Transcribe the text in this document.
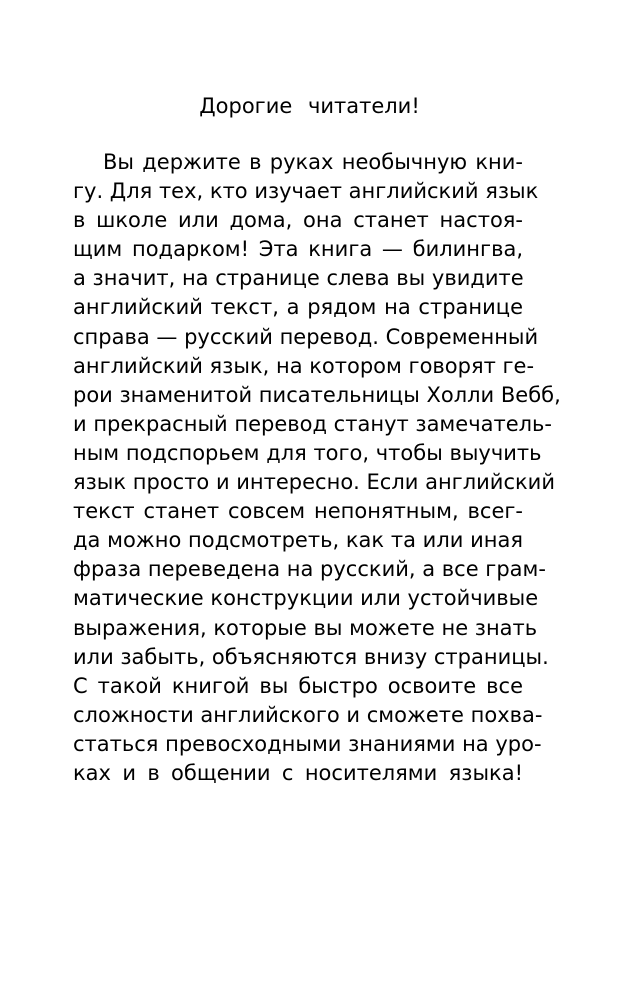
Дорогие читатели!
Вы держите в руках необычную кни-
гу. Для тех, кто изучает английский язык
в школе или дома, она станет настоя-
щим подарком! Эта книга — билингва,
а значит, на странице слева вы увидите
английский текст, а рядом на странице
справа — русский перевод. Современный
английский язык, на котором говорят ге-
рои знаменитой писательницы Холли Вебб,
и прекрасный перевод станут замечатель-
ным подспорьем для того, чтобы выучить
язык просто и интересно. Если английский
текст станет совсем непонятным, всег-
да можно подсмотреть, как та или иная
фраза переведена на русский, а все грам-
матические конструкции или устойчивые
выражения, которые вы можете не знать
или забыть, объясняются внизу страницы.
С такой книгой вы быстро освоите все
сложности английского и сможете похва-
статься превосходными знаниями на уро-
ках и в общении с носителями языка!
